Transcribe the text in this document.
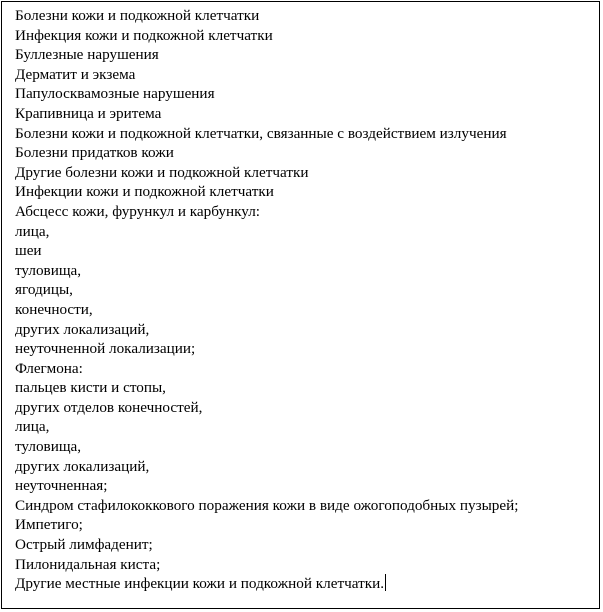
Болезни кожи и подкожной клетчатки
Инфекция кожи и подкожной клетчатки
Буллезные нарушения
Дерматит и экзема
Папулосквамозные нарушения
Крапивница и эритема
Болезни кожи и подкожной клетчатки, связанные с воздействием излучения
Болезни придатков кожи
Другие болезни кожи и подкожной клетчатки
Инфекции кожи и подкожной клетчатки
Абсцесс кожи, фурункул и карбункул:
лица,
шеи
туловища,
ягодицы,
конечности,
других локализаций,
неуточненной локализации;
Флегмона:
пальцев кисти и стопы,
других отделов конечностей,
лица,
туловища,
других локализаций,
неуточненная;
Синдром стафилококкового поражения кожи в виде ожогоподобных пузырей;
Импетиго;
Острый лимфаденит;
Пилонидальная киста;
Другие местные инфекции кожи и подкожной клетчатки.
